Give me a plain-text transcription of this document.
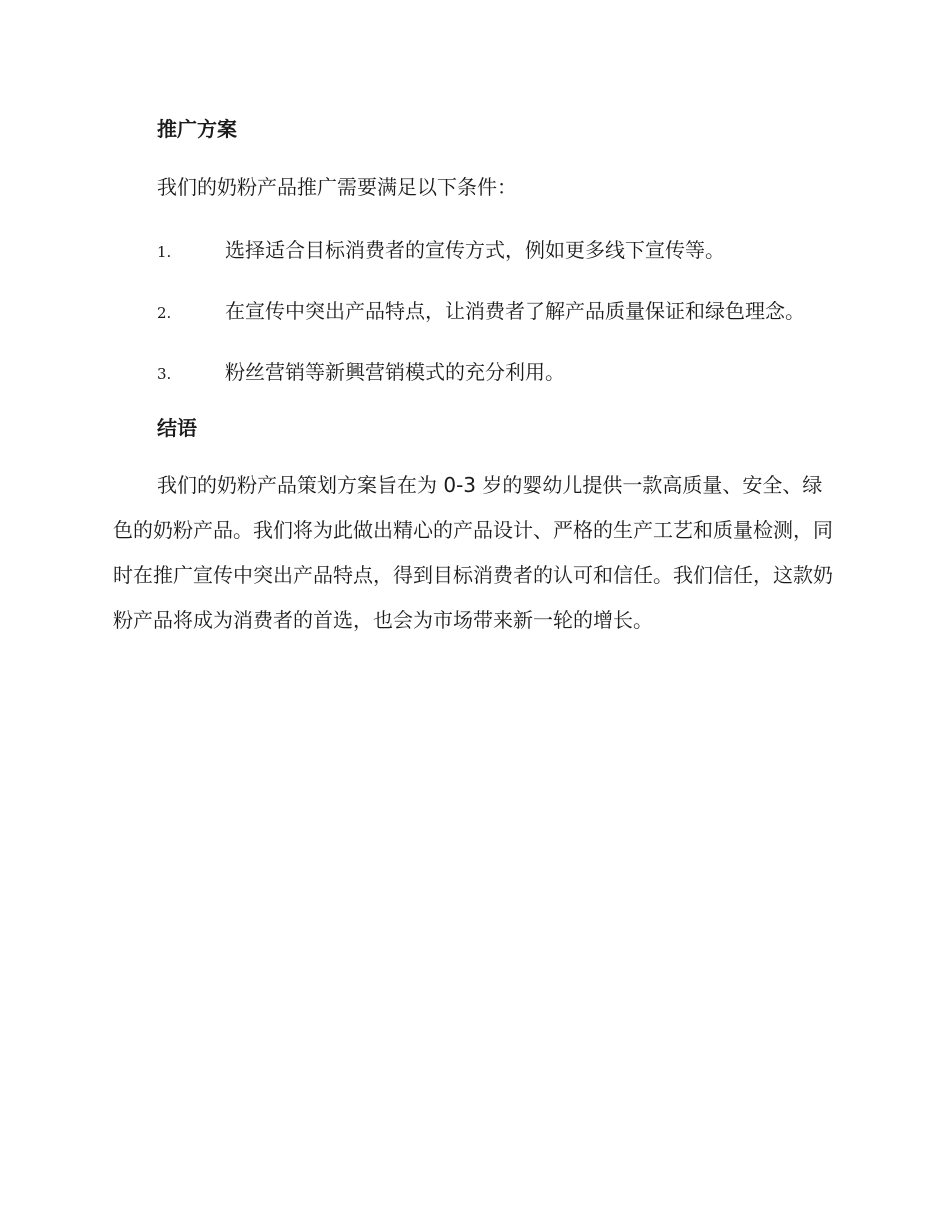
推广方案

我们的奶粉产品推广需要满足以下条件：

1.	选择适合目标消费者的宣传方式，例如更多线下宣传等。
2.	在宣传中突出产品特点，让消费者了解产品质量保证和绿色理念。
3.	粉丝营销等新興营销模式的充分利用。
结语

我们的奶粉产品策划方案旨在为 0-3 岁的婴幼儿提供一款高质量、安全、绿色的奶粉产品。我们将为此做出精心的产品设计、严格的生产工艺和质量检测，同时在推广宣传中突出产品特点，得到目标消费者的认可和信任。我们信任，这款奶粉产品将成为消费者的首选，也会为市场带来新一轮的增长。
